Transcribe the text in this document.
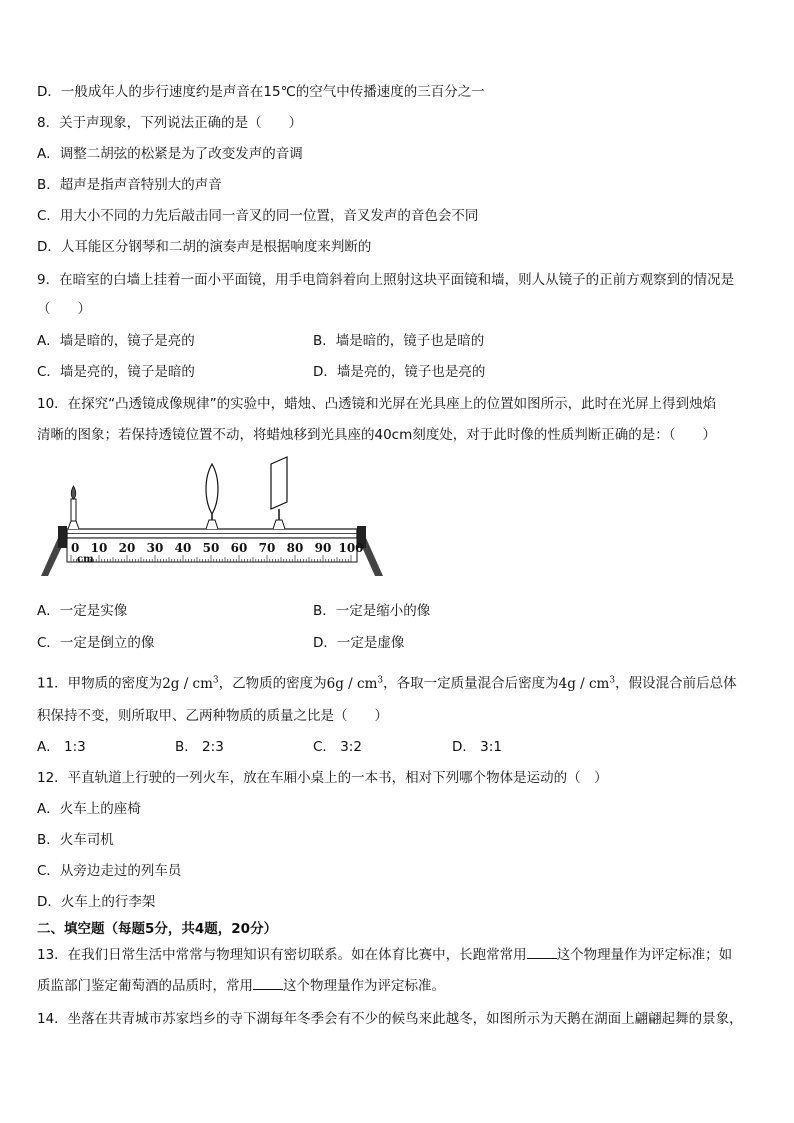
D．一般成年人的步行速度约是声音在15℃的空气中传播速度的三百分之一
8．关于声现象，下列说法正确的是（　　）
A．调整二胡弦的松紧是为了改变发声的音调
B．超声是指声音特别大的声音
C．用大小不同的力先后敲击同一音叉的同一位置，音叉发声的音色会不同
D．人耳能区分钢琴和二胡的演奏声是根据响度来判断的
9．在暗室的白墙上挂着一面小平面镜，用手电筒斜着向上照射这块平面镜和墙，则人从镜子的正前方观察到的情况是
（　　）
A．墙是暗的，镜子是亮的	B．墙是暗的，镜子也是暗的
C．墙是亮的，镜子是暗的	D．墙是亮的，镜子也是亮的
10．在探究“凸透镜成像规律”的实验中，蜡烛、凸透镜和光屏在光具座上的位置如图所示，此时在光屏上得到烛焰
清晰的图象；若保持透镜位置不动，将蜡烛移到光具座的40cm刻度处，对于此时像的性质判断正确的是：（　　）
0 10 20 30 40 50 60 70 80 90 100
cm
A．一定是实像	B．一定是缩小的像
C．一定是倒立的像	D．一定是虚像
11．甲物质的密度为$2g / cm^3$，乙物质的密度为$6g / cm^3$，各取一定质量混合后密度为$4g / cm^3$，假设混合前后总体
积保持不变，则所取甲、乙两种物质的质量之比是（　　）
A． 1:3	B． 2:3	C． 3:2	D． 3:1
12．平直轨道上行驶的一列火车，放在车厢小桌上的一本书，相对下列哪个物体是运动的（　）
A．火车上的座椅
B．火车司机
C．从旁边走过的列车员
D．火车上的行李架
二、填空题（每题5分，共4题，20分）
13．在我们日常生活中常常与物理知识有密切联系。如在体育比赛中，长跑常常用 这个物理量作为评定标准；如
质监部门鉴定葡萄酒的品质时，常用 这个物理量作为评定标准。
14．坐落在共青城市苏家垱乡的寺下湖每年冬季会有不少的候鸟来此越冬，如图所示为天鹅在湖面上翩翩起舞的景象，
